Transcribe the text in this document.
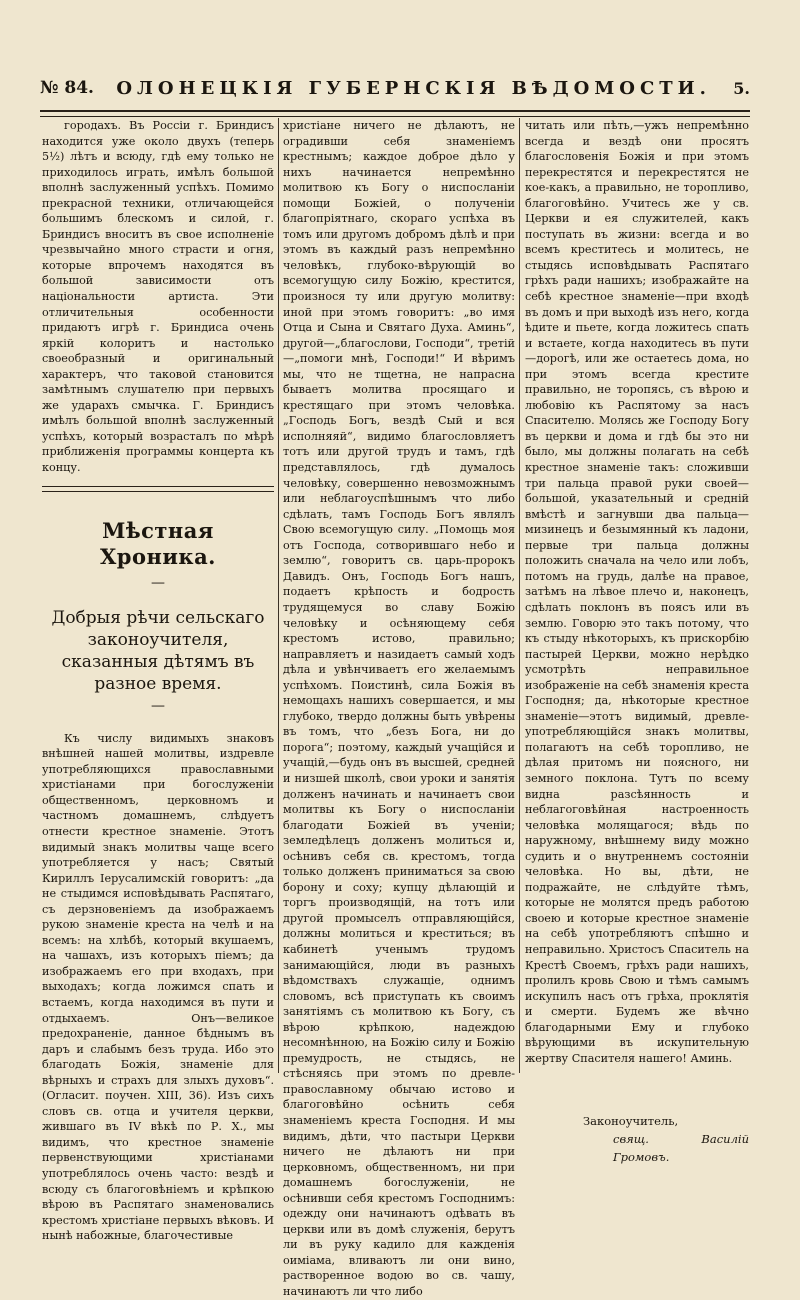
№ 84. ОЛОНЕЦКІЯ ГУБЕРНСКІЯ ВѢДОМОСТИ. 5.

городахъ. Въ Россіи г. Бриндисъ находится уже около двухъ (теперь 5½) лѣтъ и всюду, гдѣ ему только не приходилось играть, имѣлъ большой вполнѣ заслуженный успѣхъ. Помимо прекрасной техники, отличающейся большимъ блескомъ и силой, г. Бриндисъ вноситъ въ свое исполненіе чрезвычайно много страсти и огня, которые впрочемъ находятся въ большой зависимости отъ національности артиста. Эти отличительныя особенности придаютъ игрѣ г. Бриндиса очень яркій колоритъ и настолько своеобразный и оригинальный характеръ, что таковой становится замѣтнымъ слушателю при первыхъ же ударахъ смычка. Г. Бриндисъ имѣлъ большой вполнѣ заслуженный успѣхъ, который возрасталъ по мѣрѣ приближенія программы концерта къ концу.

Мѣстная Хроника.
—
Добрыя рѣчи сельскаго законоучителя, сказанныя дѣтямъ въ разное время.
—

Къ числу видимыхъ знаковъ внѣшней нашей молитвы, издревле употребляющихся православными христіанами при богослуженіи общественномъ, церковномъ и частномъ домашнемъ, слѣдуетъ отнести крестное знаменіе. Этотъ видимый знакъ молитвы чаще всего употребляется у насъ; Святый Кириллъ Іерусалимскій говоритъ: „да не стыдимся исповѣдывать Распятаго, съ дерзновеніемъ да изображаемъ рукою знаменіе креста на челѣ и на всемъ: на хлѣбѣ, который вкушаемъ, на чашахъ, изъ которыхъ піемъ; да изображаемъ его при входахъ, при выходахъ; когда ложимся спать и встаемъ, когда находимся въ пути и отдыхаемъ. Онъ—великое предохраненіе, данное бѣднымъ въ даръ и слабымъ безъ труда. Ибо это благодать Божія, знаменіе для вѣрныхъ и страхъ для злыхъ духовъ“. (Огласит. поучен. XIII, 36). Изъ сихъ словъ св. отца и учителя церкви, жившаго въ IV вѣкѣ по Р. Х., мы видимъ, что крестное знаменіе первенствующими христіанами употреблялось очень часто: вездѣ и всюду съ благоговѣніемъ и крѣпкою вѣрою въ Распятаго знаменовались крестомъ христіане первыхъ вѣковъ. И нынѣ набожные, благочестивые

христіане ничего не дѣлаютъ, не оградивши себя знаменіемъ крестнымъ; каждое доброе дѣло у нихъ начинается непремѣнно молитвою къ Богу о ниспосланіи помощи Божіей, о полученіи благопріятнаго, скораго успѣха въ томъ или другомъ добромъ дѣлѣ и при этомъ въ каждый разъ непремѣнно человѣкъ, глубоко-вѣрующій во всемогущую силу Божію, крестится, произнося ту или другую молитву: иной при этомъ говоритъ: „во имя Отца и Сына и Святаго Духа. Аминь“, другой—„благослови, Господи“, третій—„помоги мнѣ, Господи!“ И вѣримъ мы, что не тщетна, не напрасна бываетъ молитва просящаго и крестящаго при этомъ человѣка. „Господь Богъ, вездѣ Сый и вся исполняяй“, видимо благословляетъ тотъ или другой трудъ и тамъ, гдѣ представлялось, гдѣ думалось человѣку, совершенно невозможнымъ или неблагоуспѣшнымъ что либо сдѣлать, тамъ Господь Богъ являлъ Свою всемогущую силу. „Помощь моя отъ Господа, сотворившаго небо и землю“, говоритъ св. царь-пророкъ Давидъ. Онъ, Господь Богъ нашъ, подаетъ крѣпость и бодрость трудящемуся во славу Божію человѣку и осѣняющему себя крестомъ истово, правильно; направляетъ и назидаетъ самый ходъ дѣла и увѣнчиваетъ его желаемымъ успѣхомъ. Поистинѣ, сила Божія въ немощахъ нашихъ совершается, и мы глубоко, твердо должны быть увѣрены въ томъ, что „безъ Бога, ни до порога“; поэтому, каждый учащійся и учащій,—будь онъ въ высшей, средней и низшей школѣ, свои уроки и занятія долженъ начинать и начинаетъ свои молитвы къ Богу о ниспосланіи благодати Божіей въ ученіи; земледѣлецъ долженъ молиться и, осѣнивъ себя св. крестомъ, тогда только долженъ приниматься за свою борону и соху; купцу дѣлающій и торгъ производящій, на тотъ или другой промыселъ отправляющійся, должны молиться и креститься; въ кабинетѣ ученымъ трудомъ занимающійся, люди въ разныхъ вѣдомствахъ служащіе, однимъ словомъ, всѣ приступать къ своимъ занятіямъ съ молитвою къ Богу, съ вѣрою крѣпкою, надеждою несомнѣнною, на Божію силу и Божію премудрость, не стыдясь, не стѣсняясь при этомъ по древле-православному обычаю истово и благоговѣйно осѣнить себя знаменіемъ креста Господня. И мы видимъ, дѣти, что пастыри Церкви ничего не дѣлаютъ ни при церковномъ, общественномъ, ни при домашнемъ богослуженіи, не осѣнивши себя крестомъ Господнимъ: одежду они начинаютъ одѣвать въ церкви или въ домѣ служенія, берутъ ли въ руку кадило для кажденія оиміама, вливаютъ ли они вино, растворенное водою во св. чашу, начинаютъ ли что либо

читать или пѣть,—ужъ непремѣнно всегда и вездѣ они просятъ благословенія Божія и при этомъ перекрестятся и перекрестятся не кое-какъ, а правильно, не торопливо, благоговѣйно. Учитесь же у св. Церкви и ея служителей, какъ поступать въ жизни: всегда и во всемъ креститесь и молитесь, не стыдясь исповѣдывать Распятаго грѣхъ ради нашихъ; изображайте на себѣ крестное знаменіе—при входѣ въ домъ и при выходѣ изъ него, когда ѣдите и пьете, когда ложитесь спать и встаете, когда находитесь въ пути—дорогѣ, или же остаетесь дома, но при этомъ всегда крестите правильно, не торопясь, съ вѣрою и любовію къ Распятому за насъ Спасителю. Молясь же Господу Богу въ церкви и дома и гдѣ бы это ни было, мы должны полагать на себѣ крестное знаменіе такъ: сложивши три пальца правой руки своей—большой, указательный и средній вмѣстѣ и загнувши два пальца—мизинецъ и безымянный къ ладони, первые три пальца должны положить сначала на чело или лобъ, потомъ на грудь, далѣе на правое, затѣмъ на лѣвое плечо и, наконецъ, сдѣлать поклонъ въ поясъ или въ землю. Говорю это такъ потому, что къ стыду нѣкоторыхъ, къ прискорбію пастырей Церкви, можно нерѣдко усмотрѣть неправильное изображеніе на себѣ знаменія креста Господня; да, нѣкоторые крестное знаменіе—этотъ видимый, древле-употребляющійся знакъ молитвы, полагаютъ на себѣ торопливо, не дѣлая притомъ ни поясного, ни земного поклона. Тутъ по всему видна разсѣянность и неблагоговѣйная настроенность человѣка молящагося; вѣдь по наружному, внѣшнему виду можно судить и о внутреннемъ состояніи человѣка. Но вы, дѣти, не подражайте, не слѣдуйте тѣмъ, которые не молятся предъ работою своею и которые крестное знаменіе на себѣ употребляютъ спѣшно и неправильно. Христосъ Спаситель на Крестѣ Своемъ, грѣхъ ради нашихъ, пролилъ кровь Свою и тѣмъ самымъ искупилъ насъ отъ грѣха, проклятія и смерти. Будемъ же вѣчно благодарными Ему и глубоко вѣрующими въ искупительную жертву Спасителя нашего! Аминь.

Законоучитель,
свящ. Василій Громовъ.
